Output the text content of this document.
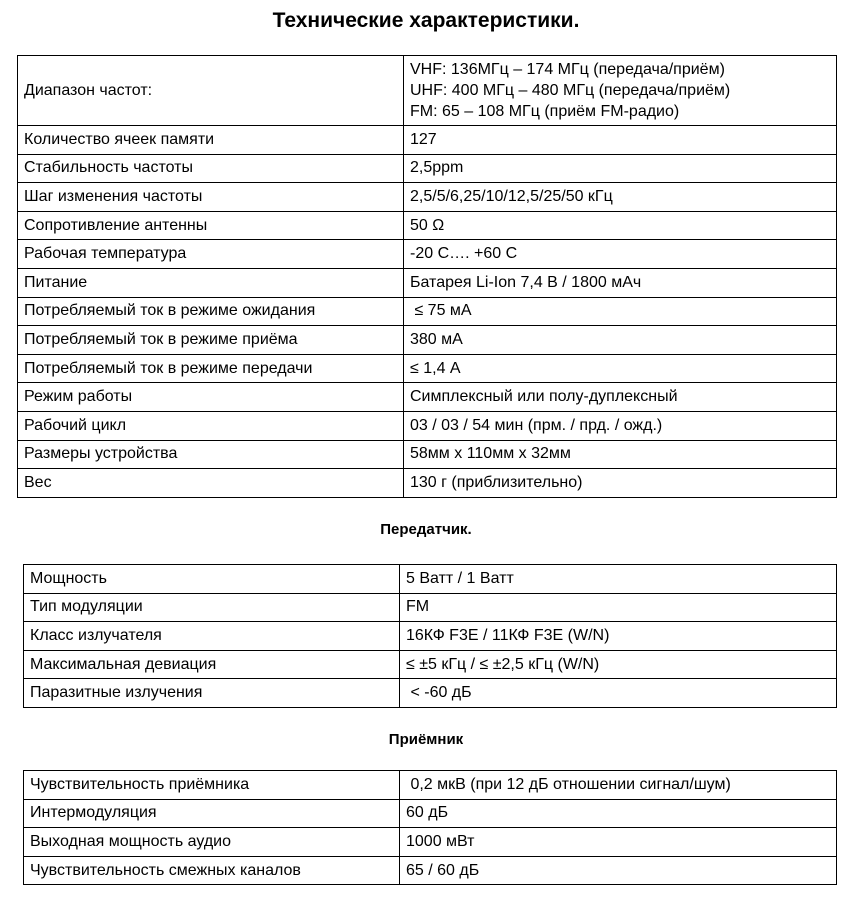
Технические характеристики.
Диапазон частот:	VHF: 136МГц – 174 МГц (передача/приём)
UHF: 400 МГц – 480 МГц (передача/приём)
FM: 65 – 108 МГц (приём FM-радио)

Количество ячеек памяти	127
Стабильность частоты	2,5ppm
Шаг изменения частоты	2,5/5/6,25/10/12,5/25/50 кГц
Сопротивление антенны	50 Ω
Рабочая температура	-20 C…. +60 C
Питание	Батарея Li-Ion 7,4 В / 1800 мАч
Потребляемый ток в режиме ожидания	≤ 75 мА
Потребляемый ток в режиме приёма	380 мА
Потребляемый ток в режиме передачи	≤ 1,4 А
Режим работы	Симплексный или полу-дуплексный
Рабочий цикл	03 / 03 / 54 мин (прм. / прд. / ожд.)
Размеры устройства	58мм х 110мм х 32мм
Вес	130 г (приблизительно)
Передатчик.
Мощность	5 Ватт / 1 Ватт
Тип модуляции	FM
Класс излучателя	16КФ F3E / 11КФ F3E (W/N)
Максимальная девиация	≤ ±5 кГц / ≤ ±2,5 кГц (W/N)
Паразитные излучения	< -60 дБ
Приёмник
Чувствительность приёмника	0,2 мкВ (при 12 дБ отношении сигнал/шум)
Интермодуляция	60 дБ
Выходная мощность аудио	1000 мВт
Чувствительность смежных каналов	65 / 60 дБ
